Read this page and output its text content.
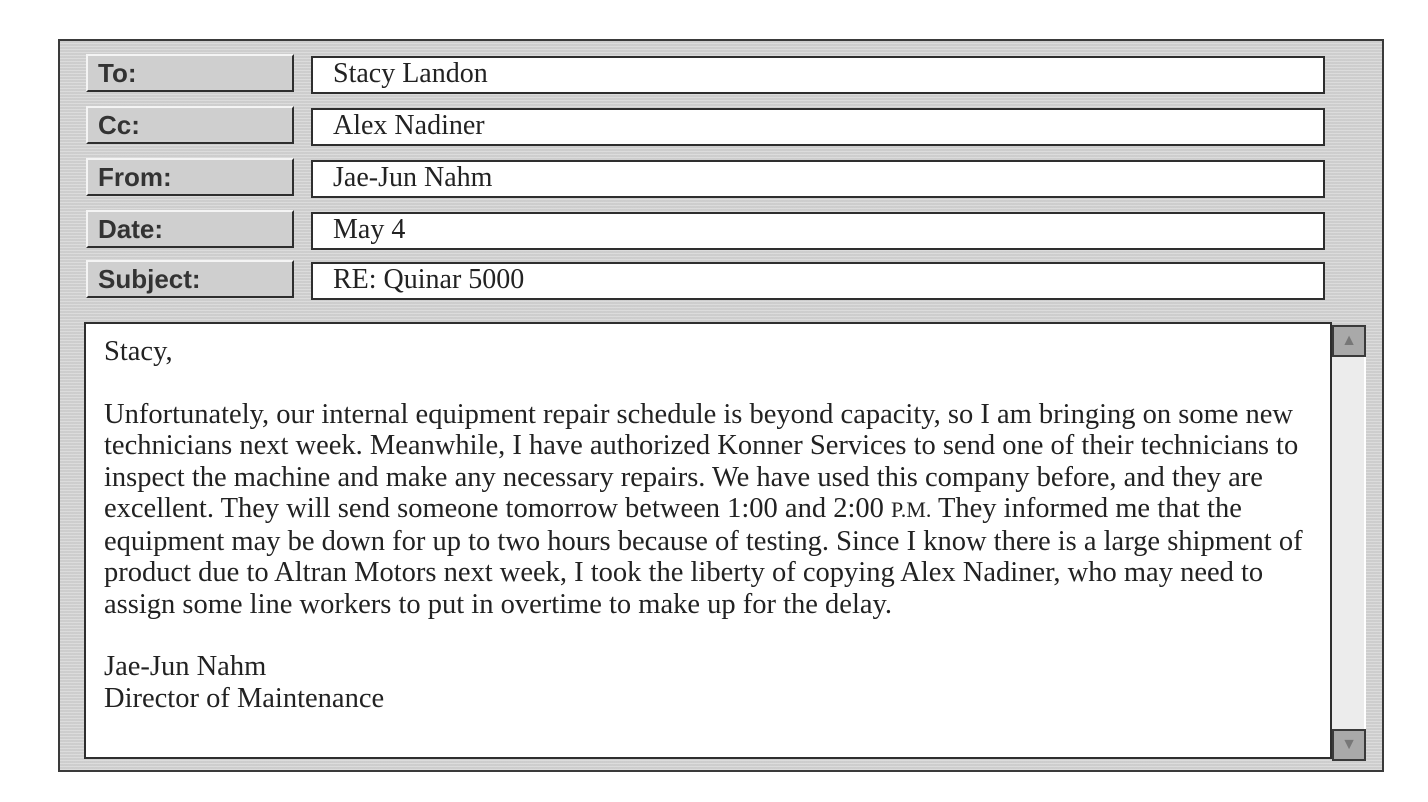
To:	Stacy Landon
Cc:	Alex Nadiner
From:	Jae-Jun Nahm
Date:	May 4
Subject:	RE: Quinar 5000

Stacy,

Unfortunately, our internal equipment repair schedule is beyond capacity, so I am bringing on some new technicians next week. Meanwhile, I have authorized Konner Services to send one of their technicians to inspect the machine and make any necessary repairs. We have used this company before, and they are excellent. They will send someone tomorrow between 1:00 and 2:00 P.M. They informed me that the equipment may be down for up to two hours because of testing. Since I know there is a large shipment of product due to Altran Motors next week, I took the liberty of copying Alex Nadiner, who may need to assign some line workers to put in overtime to make up for the delay.

Jae-Jun Nahm

Director of Maintenance

▲
▼
